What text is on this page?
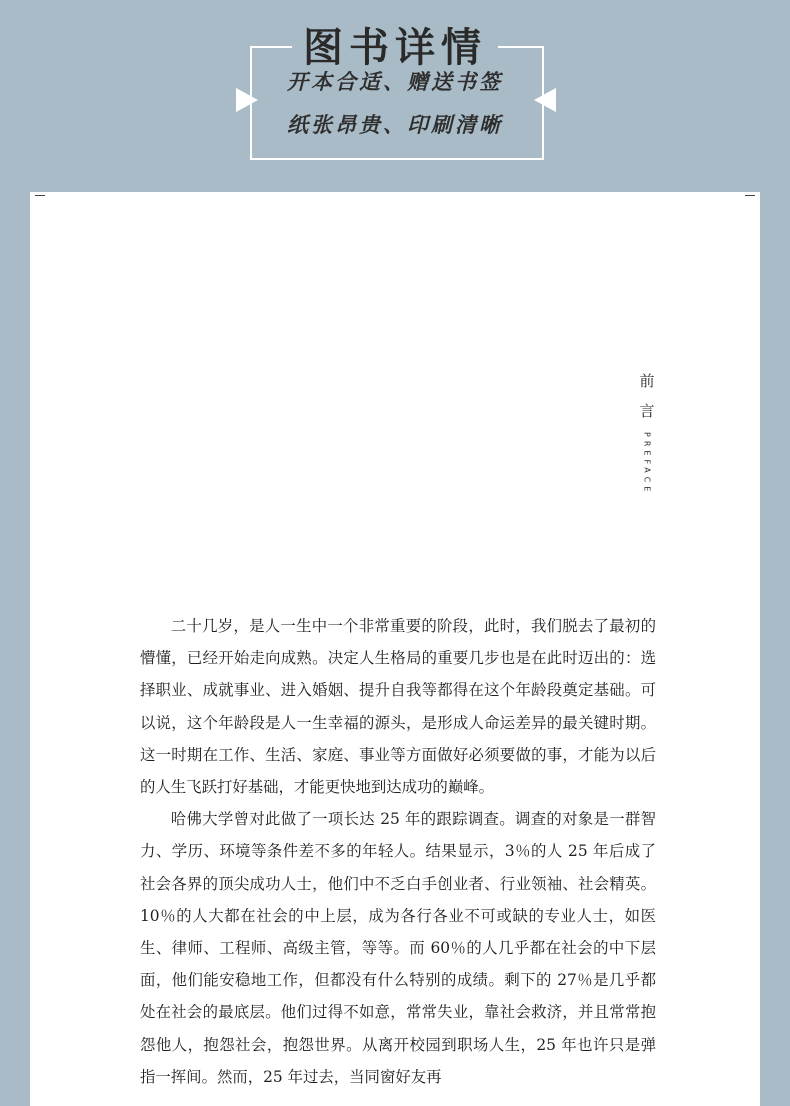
图书详情
开本合适、赠送书签
纸张昂贵、印刷清晰
前
言
PREFACE

二十几岁，是人一生中一个非常重要的阶段，此时，我们脱去了最初的懵懂，已经开始走向成熟。决定人生格局的重要几步也是在此时迈出的：选择职业、成就事业、进入婚姻、提升自我等都得在这个年龄段奠定基础。可以说，这个年龄段是人一生幸福的源头，是形成人命运差异的最关键时期。这一时期在工作、生活、家庭、事业等方面做好必须要做的事，才能为以后的人生飞跃打好基础，才能更快地到达成功的巅峰。

哈佛大学曾对此做了一项长达 25 年的跟踪调查。调查的对象是一群智力、学历、环境等条件差不多的年轻人。结果显示，3％的人 25 年后成了社会各界的顶尖成功人士，他们中不乏白手创业者、行业领袖、社会精英。10％的人大都在社会的中上层，成为各行各业不可或缺的专业人士，如医生、律师、工程师、高级主管，等等。而 60％的人几乎都在社会的中下层面，他们能安稳地工作，但都没有什么特别的成绩。剩下的 27％是几乎都处在社会的最底层。他们过得不如意，常常失业，靠社会救济，并且常常抱怨他人，抱怨社会，抱怨世界。从离开校园到职场人生，25 年也许只是弹指一挥间。然而，25 年过去，当同窗好友再
